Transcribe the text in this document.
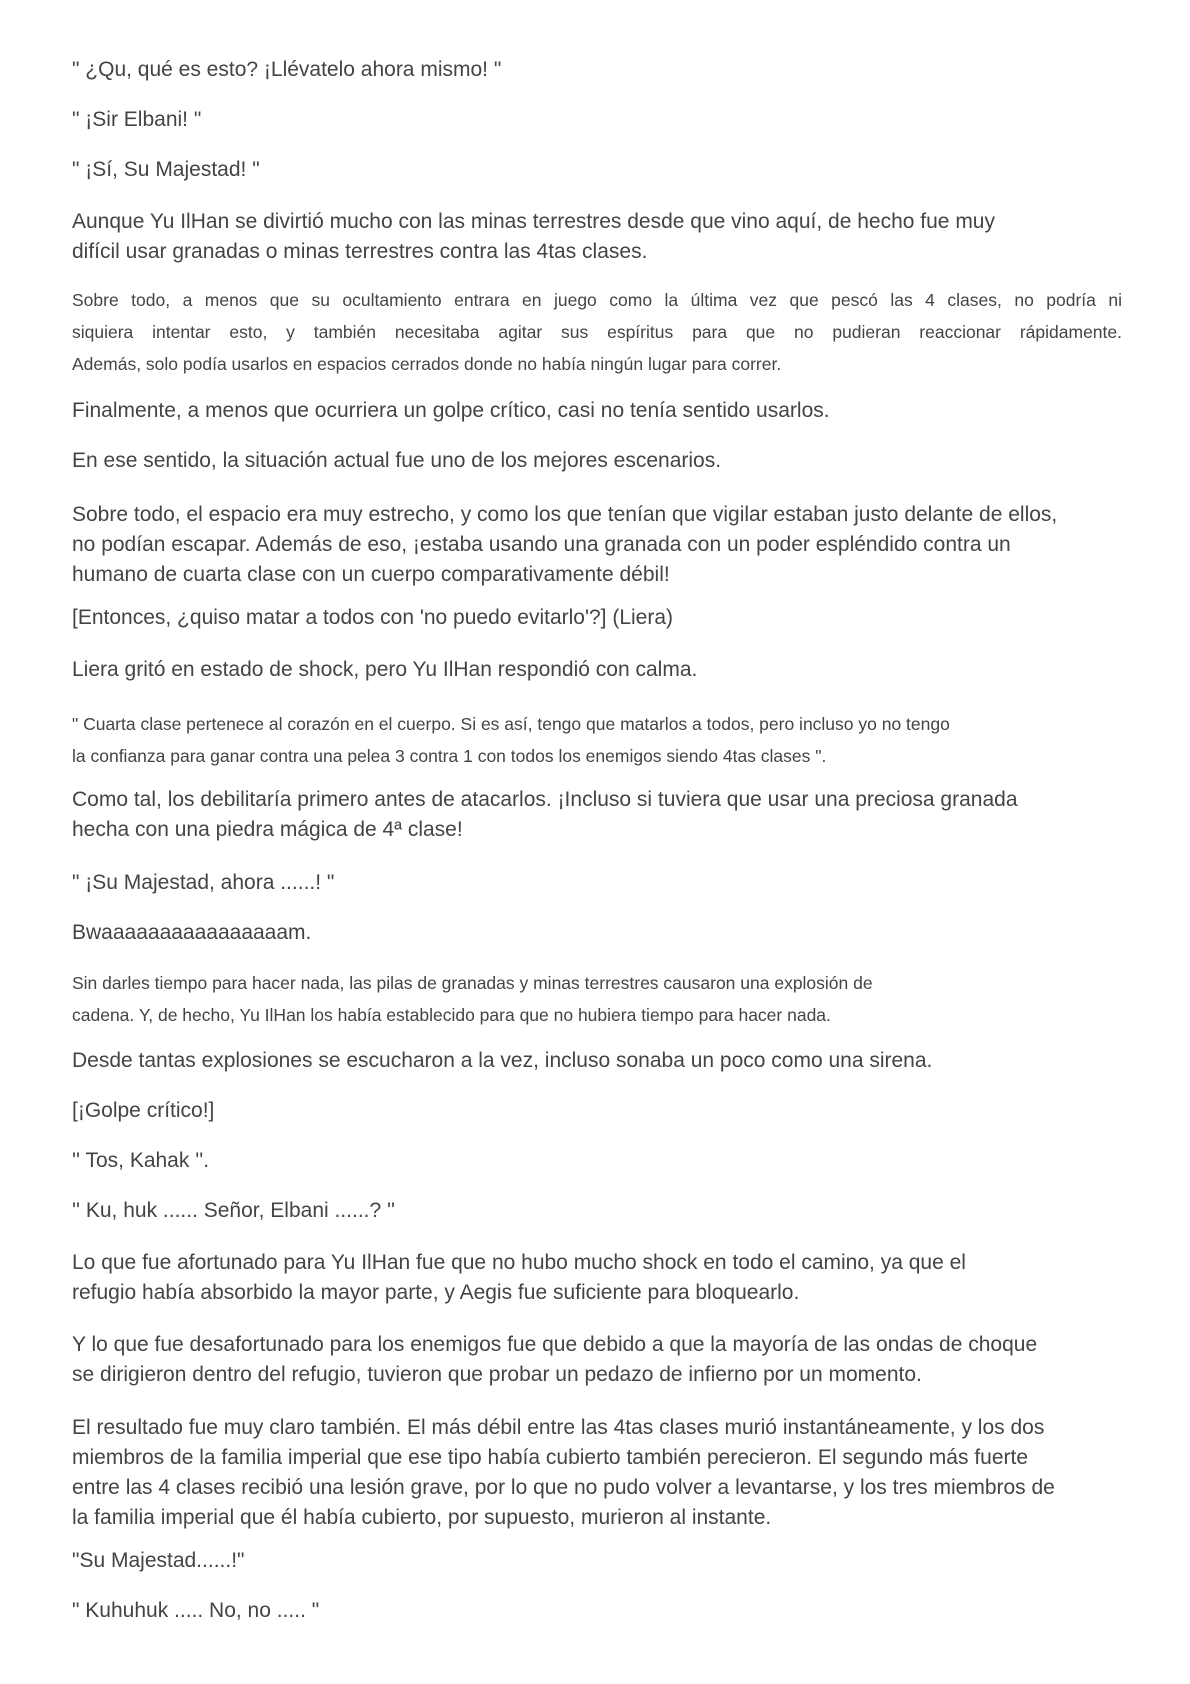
" ¿Qu, qué es esto? ¡Llévatelo ahora mismo! "

" ¡Sir Elbani! "

" ¡Sí, Su Majestad! "

Aunque Yu IlHan se divirtió mucho con las minas terrestres desde que vino aquí, de hecho fue muy
difícil usar granadas o minas terrestres contra las 4tas clases.

Sobre todo, a menos que su ocultamiento entrara en juego como la última vez que pescó las 4 clases, no podría ni
siquiera intentar esto, y también necesitaba agitar sus espíritus para que no pudieran reaccionar rápidamente.
Además, solo podía usarlos en espacios cerrados donde no había ningún lugar para correr.

Finalmente, a menos que ocurriera un golpe crítico, casi no tenía sentido usarlos.

En ese sentido, la situación actual fue uno de los mejores escenarios.

Sobre todo, el espacio era muy estrecho, y como los que tenían que vigilar estaban justo delante de ellos,
no podían escapar. Además de eso, ¡estaba usando una granada con un poder espléndido contra un
humano de cuarta clase con un cuerpo comparativamente débil!

[Entonces, ¿quiso matar a todos con 'no puedo evitarlo'?] (Liera)

Liera gritó en estado de shock, pero Yu IlHan respondió con calma.

" Cuarta clase pertenece al corazón en el cuerpo. Si es así, tengo que matarlos a todos, pero incluso yo no tengo
la confianza para ganar contra una pelea 3 contra 1 con todos los enemigos siendo 4tas clases ".

Como tal, los debilitaría primero antes de atacarlos. ¡Incluso si tuviera que usar una preciosa granada
hecha con una piedra mágica de 4ª clase!

" ¡Su Majestad, ahora ......! "

Bwaaaaaaaaaaaaaaaam.

Sin darles tiempo para hacer nada, las pilas de granadas y minas terrestres causaron una explosión de
cadena. Y, de hecho, Yu IlHan los había establecido para que no hubiera tiempo para hacer nada.

Desde tantas explosiones se escucharon a la vez, incluso sonaba un poco como una sirena.

[¡Golpe crítico!]

'' Tos, Kahak ''.

'' Ku, huk ...... Señor, Elbani ......? ''

Lo que fue afortunado para Yu IlHan fue que no hubo mucho shock en todo el camino, ya que el
refugio había absorbido la mayor parte, y Aegis fue suficiente para bloquearlo.

Y lo que fue desafortunado para los enemigos fue que debido a que la mayoría de las ondas de choque
se dirigieron dentro del refugio, tuvieron que probar un pedazo de infierno por un momento.

El resultado fue muy claro también. El más débil entre las 4tas clases murió instantáneamente, y los dos
miembros de la familia imperial que ese tipo había cubierto también perecieron. El segundo más fuerte
entre las 4 clases recibió una lesión grave, por lo que no pudo volver a levantarse, y los tres miembros de
la familia imperial que él había cubierto, por supuesto, murieron al instante.

"Su Majestad......!"

" Kuhuhuk ..... No, no ..... "
